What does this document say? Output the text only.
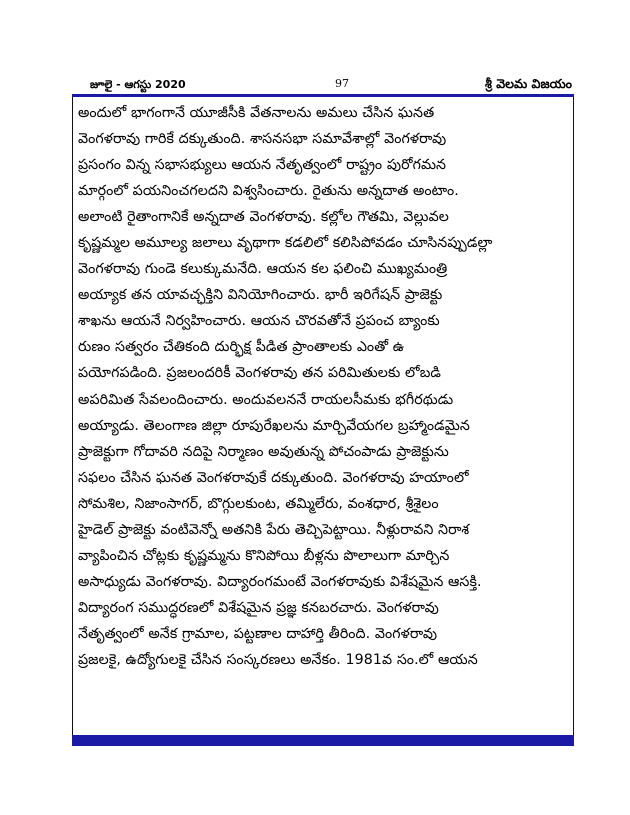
జూలై - ఆగస్టు 2020	97	శ్రీ వెలమ విజయం
అందులో భాగంగానే యూజీసీకి వేతనాలను అమలు చేసిన ఘనత
వెంగళరావు గారికే దక్కుతుంది. శాసనసభా సమావేశాల్లో వెంగళరావు
ప్రసంగం విన్న సభాసభ్యులు ఆయన నేతృత్వంలో రాష్ట్రం పురోగమన
మార్గంలో పయనించగలదని విశ్వసించారు. రైతును అన్నదాత అంటాం.
అలాంటి రైతాంగానికే అన్నదాత వెంగళరావు. కల్లోల గౌతమి, వెల్లువల
కృష్ణమ్మల అమూల్య జలాలు వృథాగా కడలిలో కలిసిపోవడం చూసినప్పుడల్లా
వెంగళరావు గుండె కలుక్కుమనేది. ఆయన కల ఫలించి ముఖ్యమంత్రి
అయ్యాక తన యావచ్ఛక్తిని వినియోగించారు. భారీ ఇరిగేషన్ ప్రాజెక్టు
శాఖను ఆయనే నిర్వహించారు. ఆయన చొరవతోనే ప్రపంచ బ్యాంకు
రుణం సత్వరం చేతికంది దుర్భిక్ష పీడిత ప్రాంతాలకు ఎంతో ఉ
పయోగపడింది. ప్రజలందరికీ వెంగళరావు తన పరిమితులకు లోబడి
అపరిమిత సేవలందించారు. అందువలననే రాయలసీమకు భగీరథుడు
అయ్యాడు. తెలంగాణ జిల్లా రూపురేఖలను మార్చివేయగల బ్రహ్మాండమైన
ప్రాజెక్టుగా గోదావరి నదిపై నిర్మాణం అవుతున్న పోచంపాడు ప్రాజెక్టును
సఫలం చేసిన ఘనత వెంగళరావుకే దక్కుతుంది. వెంగళరావు హయాంలో
సోమశిల, నిజాంసాగర్, బొగ్గులకుంట, తమ్మిలేరు, వంశధార, శ్రీశైలం
హైడెల్ ప్రాజెక్టు వంటివెన్నో అతనికి పేరు తెచ్చిపెట్టాయి. నీళ్లురావని నిరాశ
వ్యాపించిన చోట్లకు కృష్ణమ్మను కొనిపోయి బీళ్లను పొలాలుగా మార్చిన
అసాధ్యుడు వెంగళరావు. విద్యారంగమంటే వెంగళరావుకు విశేషమైన ఆసక్తి.
విద్యారంగ సముద్ధరణలో విశేషమైన ప్రజ్ఞ కనబరచారు. వెంగళరావు
నేతృత్వంలో అనేక గ్రామాల, పట్టణాల దాహార్తి తీరింది. వెంగళరావు
ప్రజలకై, ఉద్యోగులకై చేసిన సంస్కరణలు అనేకం. 1981వ సం.లో ఆయన
